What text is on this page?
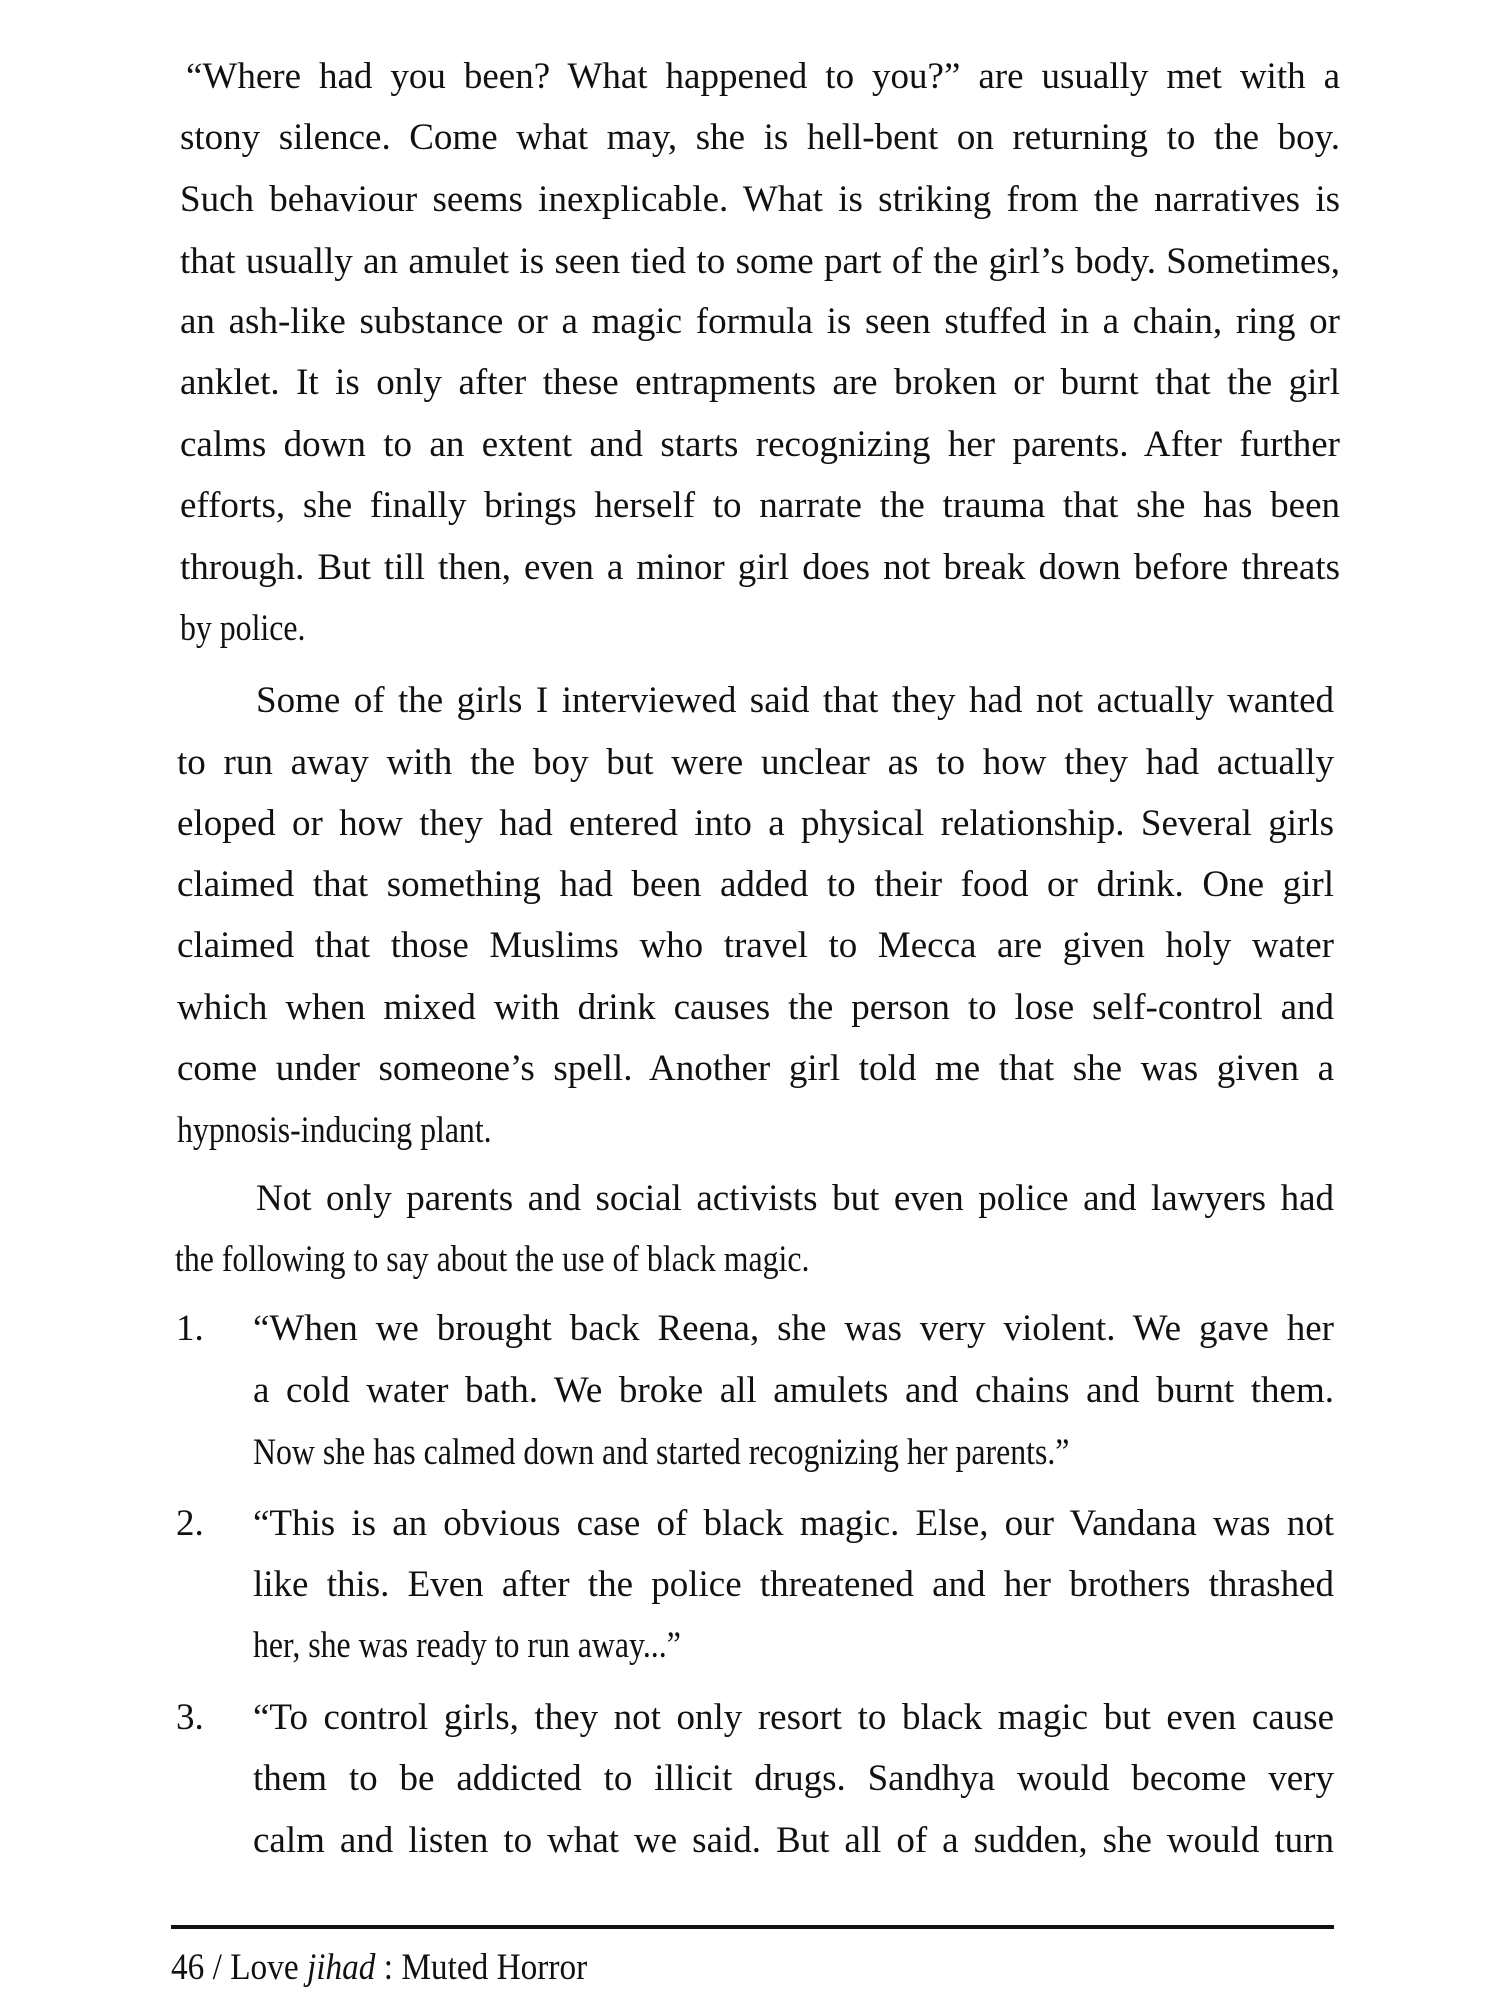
“Where had you been? What happened to you?” are usually met with a
stony silence. Come what may, she is hell-bent on returning to the boy.
Such behaviour seems inexplicable. What is striking from the narratives is
that usually an amulet is seen tied to some part of the girl’s body. Sometimes,
an ash-like substance or a magic formula is seen stuffed in a chain, ring or
anklet. It is only after these entrapments are broken or burnt that the girl
calms down to an extent and starts recognizing her parents. After further
efforts, she finally brings herself to narrate the trauma that she has been
through. But till then, even a minor girl does not break down before threats
by police.
Some of the girls I interviewed said that they had not actually wanted
to run away with the boy but were unclear as to how they had actually
eloped or how they had entered into a physical relationship. Several girls
claimed that something had been added to their food or drink. One girl
claimed that those Muslims who travel to Mecca are given holy water
which when mixed with drink causes the person to lose self-control and
come under someone’s spell. Another girl told me that she was given a
hypnosis-inducing plant.
Not only parents and social activists but even police and lawyers had
the following to say about the use of black magic.
1. “When we brought back Reena, she was very violent. We gave her
a cold water bath. We broke all amulets and chains and burnt them.
Now she has calmed down and started recognizing her parents.”
2. “This is an obvious case of black magic. Else, our Vandana was not
like this. Even after the police threatened and her brothers thrashed
her, she was ready to run away...”
3. “To control girls, they not only resort to black magic but even cause
them to be addicted to illicit drugs. Sandhya would become very
calm and listen to what we said. But all of a sudden, she would turn
46 / Love jihad : Muted Horror
